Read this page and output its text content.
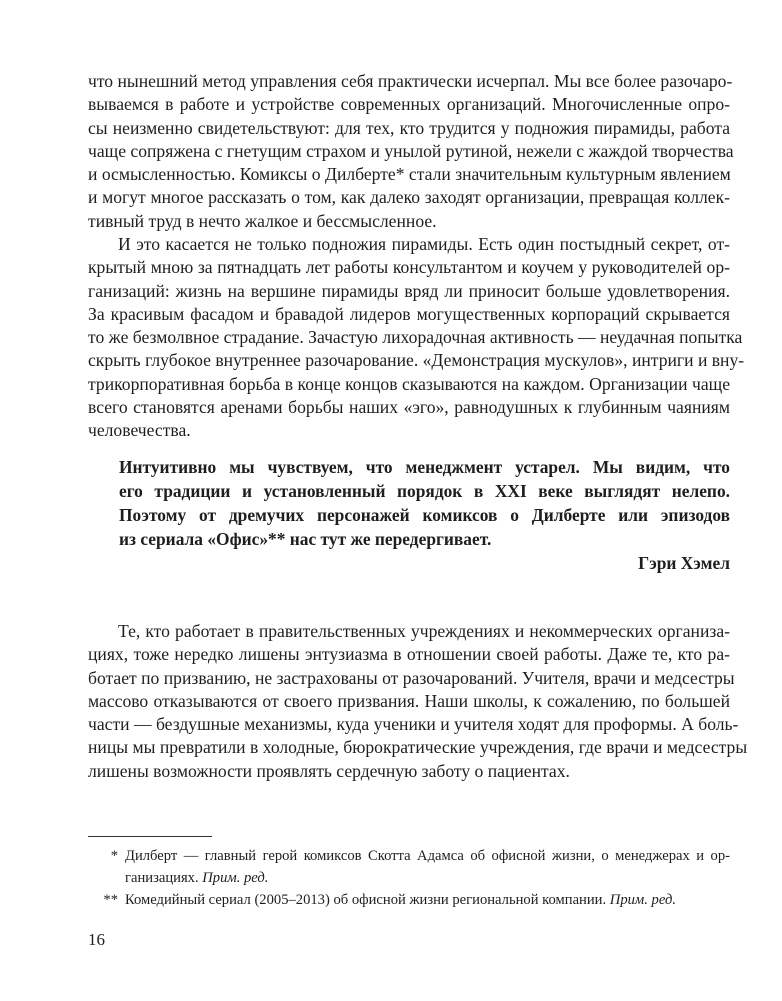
что нынешний метод управления себя практически исчерпал. Мы все более разочаро-
вываемся в работе и устройстве современных организаций. Многочисленные опро-
сы неизменно свидетельствуют: для тех, кто трудится у подножия пирамиды, работа
чаще сопряжена с гнетущим страхом и унылой рутиной, нежели с жаждой творчества
и осмысленностью. Комиксы о Дилберте* стали значительным культурным явлением
и могут многое рассказать о том, как далеко заходят организации, превращая коллек-
тивный труд в нечто жалкое и бессмысленное.
И это касается не только подножия пирамиды. Есть один постыдный секрет, от-
крытый мною за пятнадцать лет работы консультантом и коучем у руководителей ор-
ганизаций: жизнь на вершине пирамиды вряд ли приносит больше удовлетворения.
За красивым фасадом и бравадой лидеров могущественных корпораций скрывается
то же безмолвное страдание. Зачастую лихорадочная активность — неудачная попытка
скрыть глубокое внутреннее разочарование. «Демонстрация мускулов», интриги и вну-
трикорпоративная борьба в конце концов сказываются на каждом. Организации чаще
всего становятся аренами борьбы наших «эго», равнодушных к глубинным чаяниям
человечества.
Интуитивно мы чувствуем, что менеджмент устарел. Мы видим, что
его традиции и установленный порядок в XXI веке выглядят нелепо.
Поэтому от дремучих персонажей комиксов о Дилберте или эпизодов
из сериала «Офис»** нас тут же передергивает.
Гэри Хэмел
Те, кто работает в правительственных учреждениях и некоммерческих организа-
циях, тоже нередко лишены энтузиазма в отношении своей работы. Даже те, кто ра-
ботает по призванию, не застрахованы от разочарований. Учителя, врачи и медсестры
массово отказываются от своего призвания. Наши школы, к сожалению, по большей
части — бездушные механизмы, куда ученики и учителя ходят для проформы. А боль-
ницы мы превратили в холодные, бюрократические учреждения, где врачи и медсестры
лишены возможности проявлять сердечную заботу о пациентах.
* Дилберт — главный герой комиксов Скотта Адамса об офисной жизни, о менеджерах и ор-
ганизациях. Прим. ред.
** Комедийный сериал (2005–2013) об офисной жизни региональной компании. Прим. ред.
16
